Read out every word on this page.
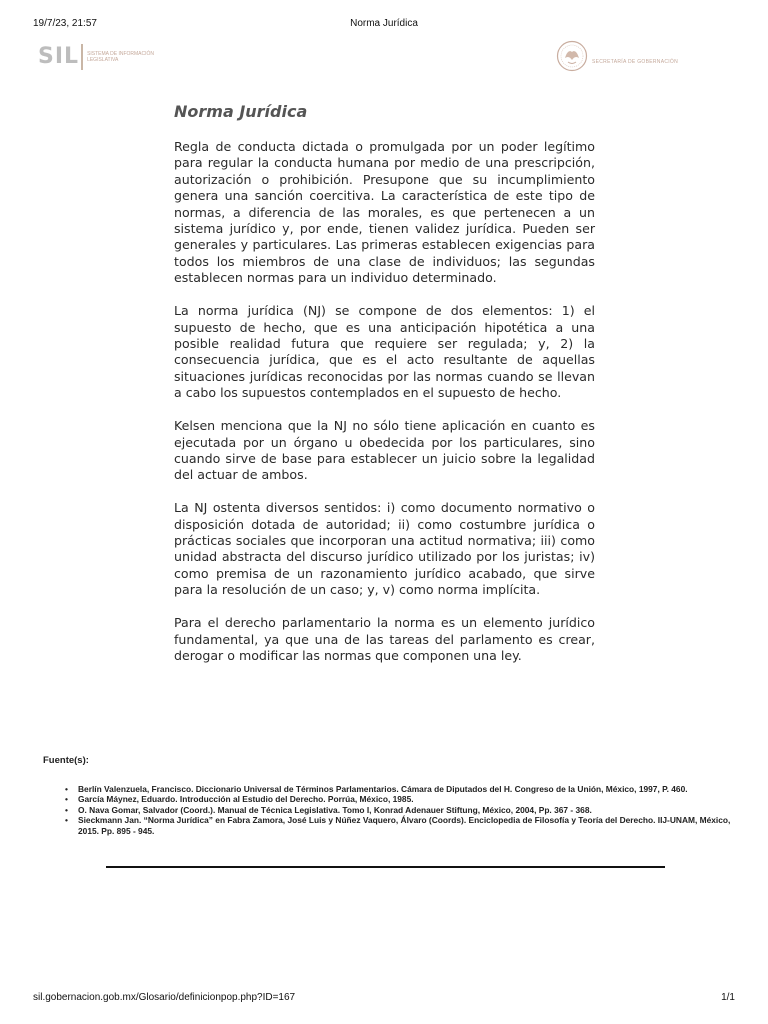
19/7/23, 21:57	Norma Jurídica
SIL SISTEMA DE INFORMACIÓN LEGISLATIVA	SECRETARÍA DE GOBERNACIÓN
Norma Jurídica

Regla de conducta dictada o promulgada por un poder legítimo para regular la conducta humana por medio de una prescripción, autorización o prohibición. Presupone que su incumplimiento genera una sanción coercitiva. La característica de este tipo de normas, a diferencia de las morales, es que pertenecen a un sistema jurídico y, por ende, tienen validez jurídica. Pueden ser generales y particulares. Las primeras establecen exigencias para todos los miembros de una clase de individuos; las segundas establecen normas para un individuo determinado.

La norma jurídica (NJ) se compone de dos elementos: 1) el supuesto de hecho, que es una anticipación hipotética a una posible realidad futura que requiere ser regulada; y, 2) la consecuencia jurídica, que es el acto resultante de aquellas situaciones jurídicas reconocidas por las normas cuando se llevan a cabo los supuestos contemplados en el supuesto de hecho.

Kelsen menciona que la NJ no sólo tiene aplicación en cuanto es ejecutada por un órgano u obedecida por los particulares, sino cuando sirve de base para establecer un juicio sobre la legalidad del actuar de ambos.

La NJ ostenta diversos sentidos: i) como documento normativo o disposición dotada de autoridad; ii) como costumbre jurídica o prácticas sociales que incorporan una actitud normativa; iii) como unidad abstracta del discurso jurídico utilizado por los juristas; iv) como premisa de un razonamiento jurídico acabado, que sirve para la resolución de un caso; y, v) como norma implícita.

Para el derecho parlamentario la norma es un elemento jurídico fundamental, ya que una de las tareas del parlamento es crear, derogar o modificar las normas que componen una ley.

Fuente(s):
• Berlín Valenzuela, Francisco. Diccionario Universal de Términos Parlamentarios. Cámara de Diputados del H. Congreso de la Unión, México, 1997, P. 460.
• García Máynez, Eduardo. Introducción al Estudio del Derecho. Porrúa, México, 1985.
• O. Nava Gomar, Salvador (Coord.). Manual de Técnica Legislativa. Tomo I, Konrad Adenauer Stiftung, México, 2004, Pp. 367 - 368.
• Sieckmann Jan. “Norma Jurídica” en Fabra Zamora, José Luis y Núñez Vaquero, Álvaro (Coords). Enciclopedia de Filosofía y Teoría del Derecho. IIJ-UNAM, México, 2015. Pp. 895 - 945.
sil.gobernacion.gob.mx/Glosario/definicionpop.php?ID=167	1/1
